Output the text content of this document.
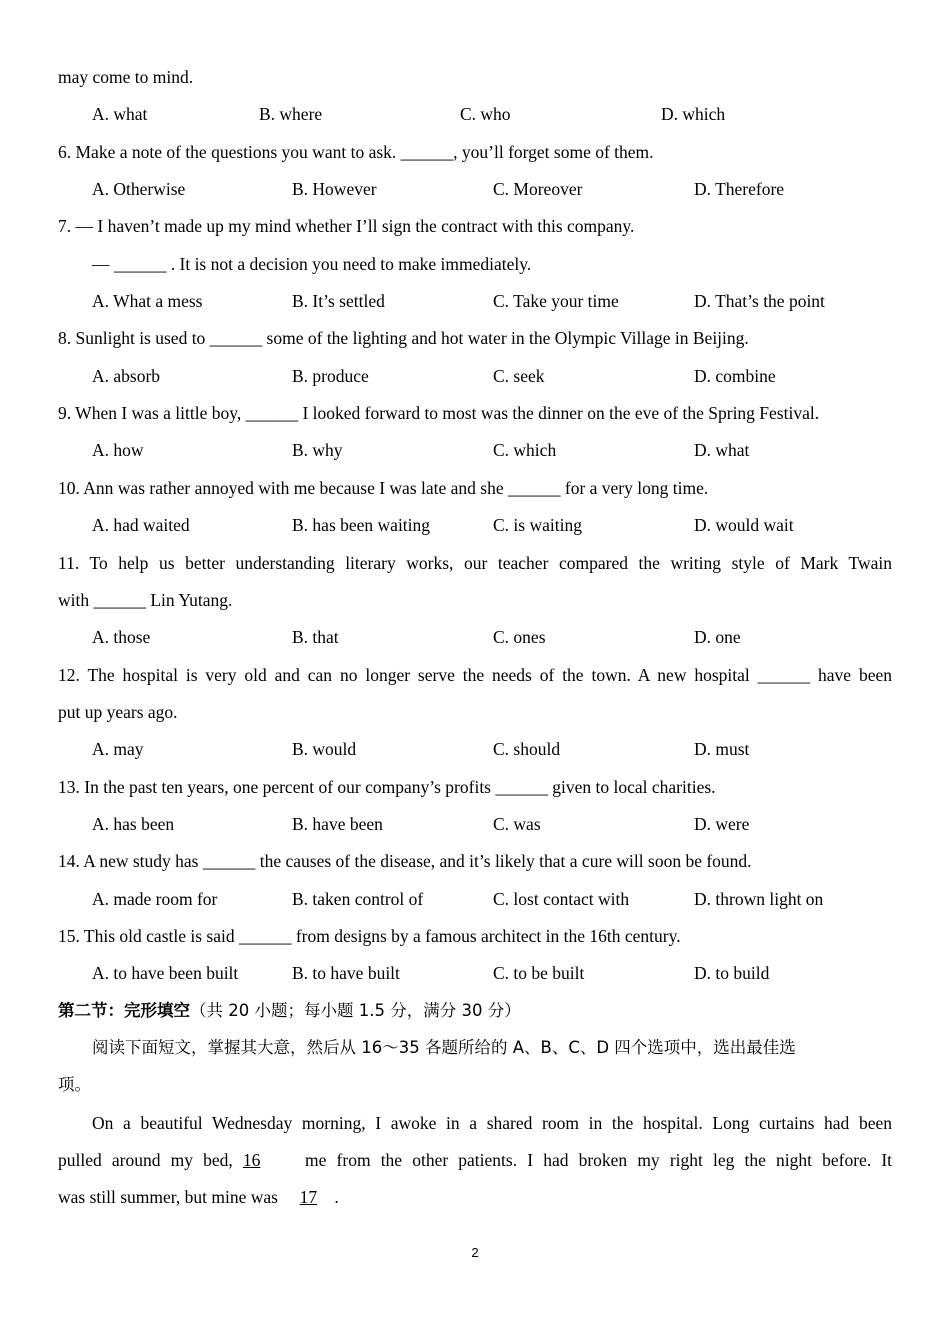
may come to mind.
A. what	B. where	C. who	D. which
6. Make a note of the questions you want to ask. ______, you’ll forget some of them.
A. Otherwise	B. However	C. Moreover	D. Therefore
7. — I haven’t made up my mind whether I’ll sign the contract with this company.
— ______ . It is not a decision you need to make immediately.
A. What a mess	B. It’s settled	C. Take your time	D. That’s the point
8. Sunlight is used to ______ some of the lighting and hot water in the Olympic Village in Beijing.
A. absorb	B. produce	C. seek	D. combine
9. When I was a little boy, ______ I looked forward to most was the dinner on the eve of the Spring Festival.
A. how	B. why	C. which	D. what
10. Ann was rather annoyed with me because I was late and she ______ for a very long time.
A. had waited	B. has been waiting	C. is waiting	D. would wait
11. To help us better understanding literary works, our teacher compared the writing style of Mark Twain
with ______ Lin Yutang.
A. those	B. that	C. ones	D. one
12. The hospital is very old and can no longer serve the needs of the town. A new hospital ______ have been
put up years ago.
A. may	B. would	C. should	D. must
13. In the past ten years, one percent of our company’s profits ______ given to local charities.
A. has been	B. have been	C. was	D. were
14. A new study has ______ the causes of the disease, and it’s likely that a cure will soon be found.
A. made room for	B. taken control of	C. lost contact with	D. thrown light on
15. This old castle is said ______ from designs by a famous architect in the 16th century.
A. to have been built	B. to have built	C. to be built	D. to build
第二节：完形填空（共 20 小题；每小题 1.5 分，满分 30 分）
阅读下面短文，掌握其大意，然后从 16～35 各题所给的 A、B、C、D 四个选项中，选出最佳选
项。
On a beautiful Wednesday morning, I awoke in a shared room in the hospital. Long curtains had been
pulled around my bed, 16	me from the other patients. I had broken my right leg the night before. It
was still summer, but mine was 17 .
2
